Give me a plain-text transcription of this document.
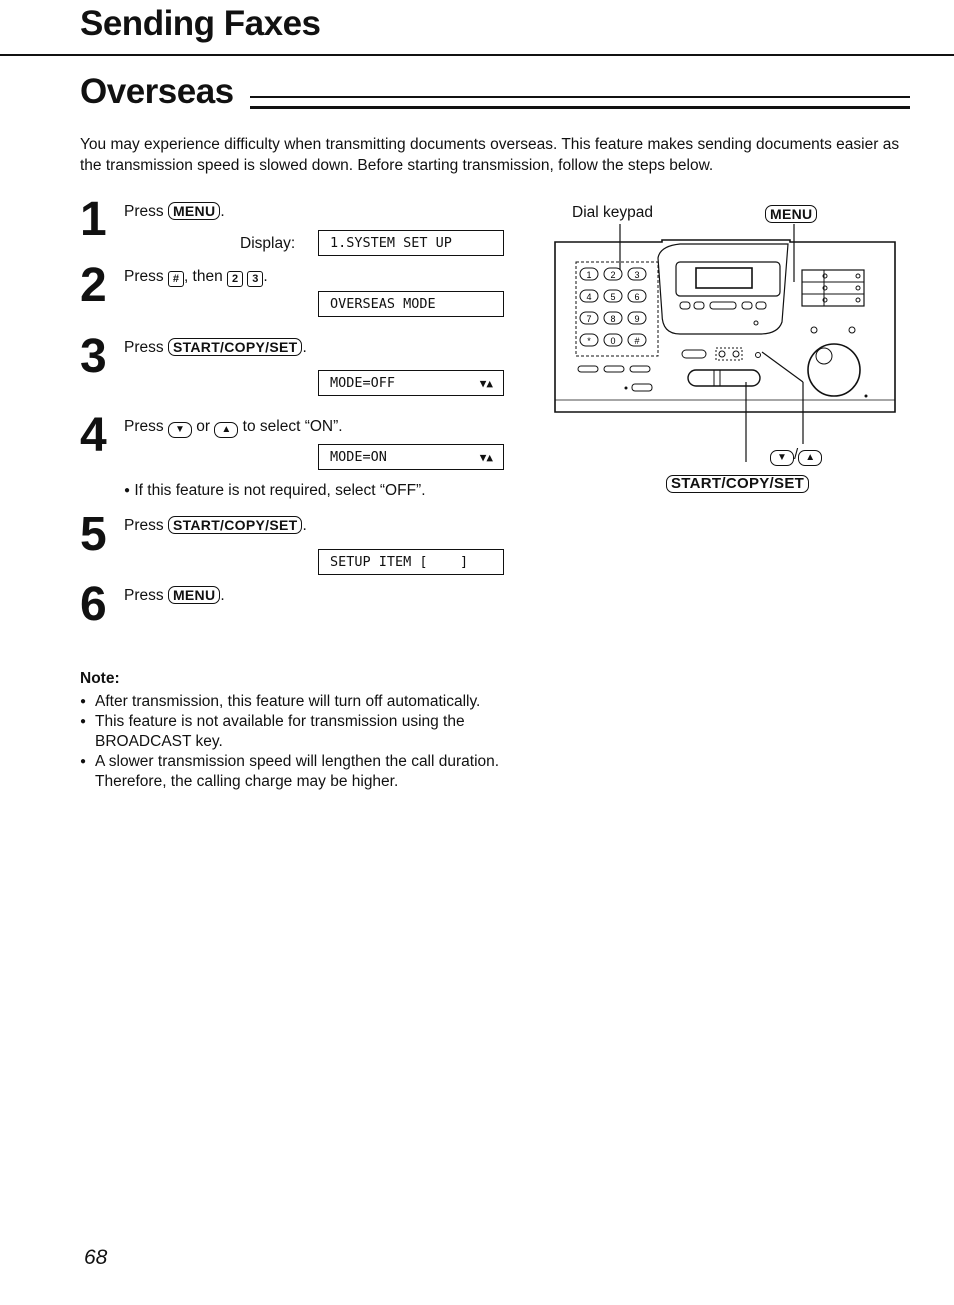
Sending Faxes
Overseas
You may experience difficulty when transmitting documents overseas. This feature makes sending documents easier as the transmission speed is slowed down. Before starting transmission, follow the steps below.
1 Press MENU .
Display:	1.SYSTEM SET UP
2 Press # , then 2 3 .
OVERSEAS MODE
3 Press START/COPY/SET .
MODE=OFF	▼▲
4 Press ▼ or ▲ to select “ON”.
MODE=ON	▼▲
● If this feature is not required, select “OFF”.
5 Press START/COPY/SET .
SETUP ITEM [    ]
6 Press MENU .
Dial keypad	MENU
▼ / ▲
START/COPY/SET
1 2 3
4 5 6
7 8 9
* 0 #
Note:
● After transmission, this feature will turn off automatically.
● This feature is not available for transmission using the BROADCAST key.
● A slower transmission speed will lengthen the call duration. Therefore, the calling charge may be higher.
68
